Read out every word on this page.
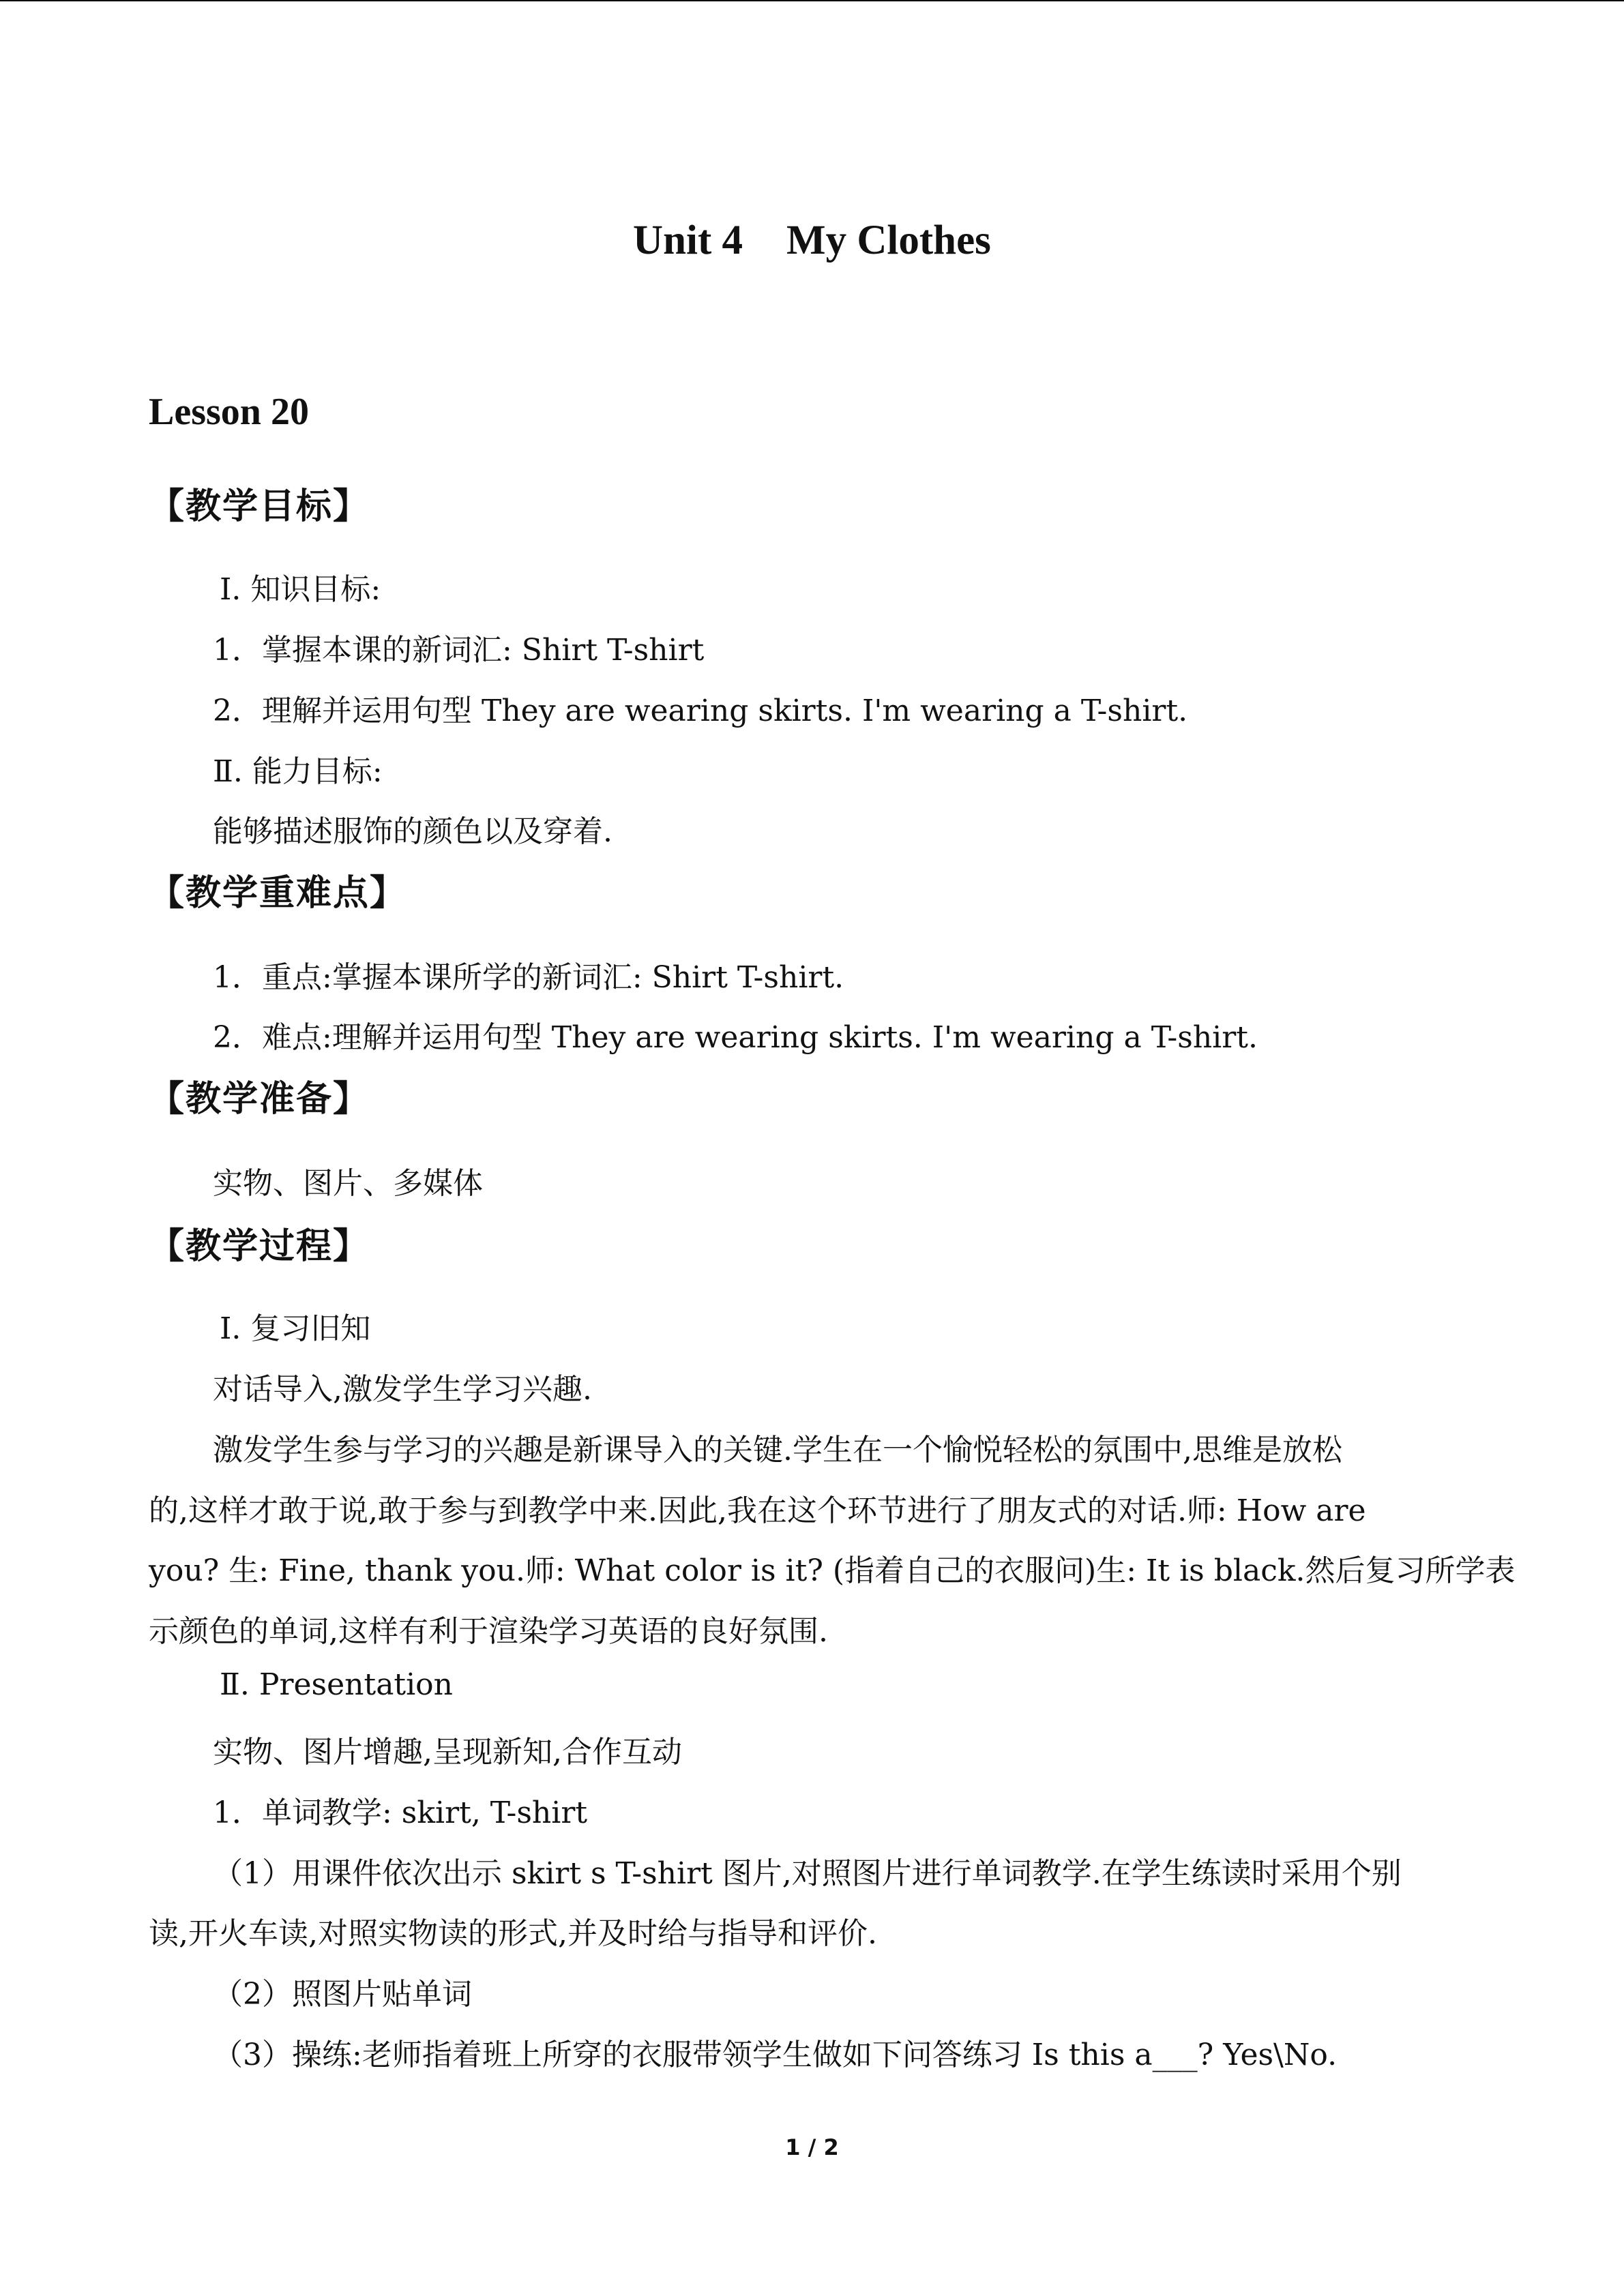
Unit 4 My Clothes
Lesson 20
【教学目标】
Ⅰ. 知识目标:
1．掌握本课的新词汇: Shirt T-shirt
2．理解并运用句型 They are wearing skirts. I'm wearing a T-shirt.
Ⅱ. 能力目标:
能够描述服饰的颜色以及穿着.
【教学重难点】
1．重点:掌握本课所学的新词汇: Shirt T-shirt.
2．难点:理解并运用句型 They are wearing skirts. I'm wearing a T-shirt.
【教学准备】
实物、图片、多媒体
【教学过程】
Ⅰ. 复习旧知
对话导入,激发学生学习兴趣.
激发学生参与学习的兴趣是新课导入的关键.学生在一个愉悦轻松的氛围中,思维是放松
的,这样才敢于说,敢于参与到教学中来.因此,我在这个环节进行了朋友式的对话.师: How are
you? 生: Fine, thank you.师: What color is it? (指着自己的衣服问)生: It is black.然后复习所学表
示颜色的单词,这样有利于渲染学习英语的良好氛围.
Ⅱ. Presentation
实物、图片增趣,呈现新知,合作互动
1．单词教学: skirt, T-shirt
（1）用课件依次出示 skirt s T-shirt 图片,对照图片进行单词教学.在学生练读时采用个别
读,开火车读,对照实物读的形式,并及时给与指导和评价.
（2）照图片贴单词
（3）操练:老师指着班上所穿的衣服带领学生做如下问答练习 Is this a___? Yes\No.
1 / 2
